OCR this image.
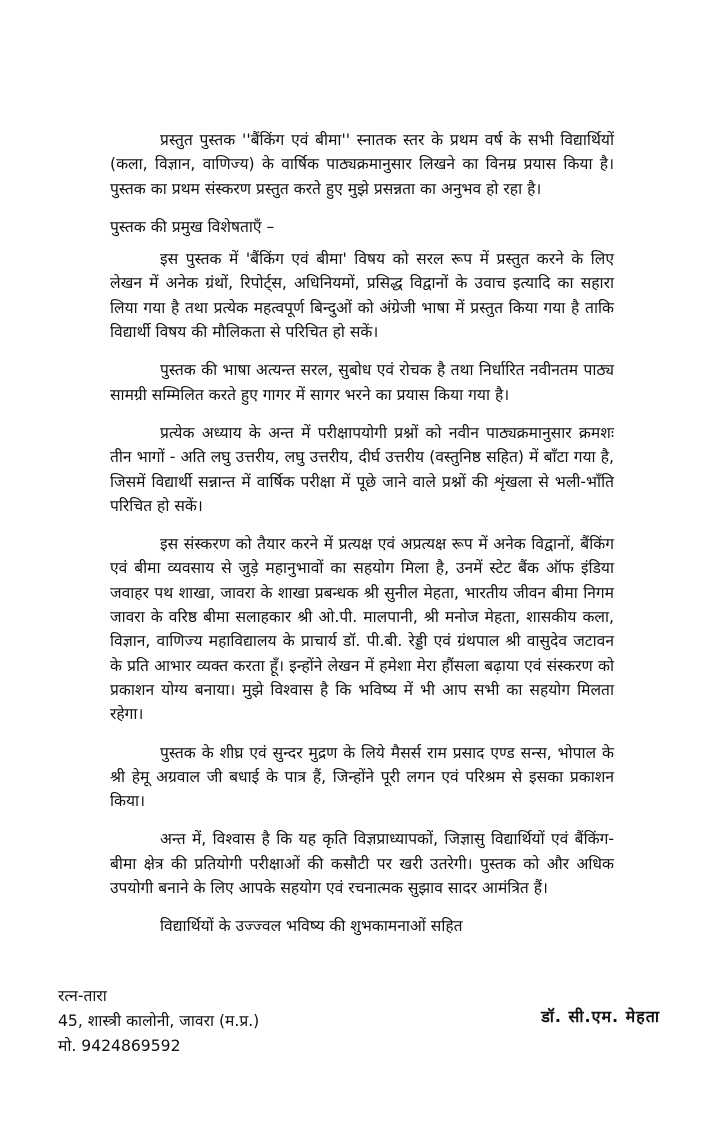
प्रस्तुत पुस्तक ''बैंकिंग एवं बीमा'' स्नातक स्तर के प्रथम वर्ष के सभी विद्यार्थियों (कला, विज्ञान, वाणिज्य) के वार्षिक पाठ्यक्रमानुसार लिखने का विनम्र प्रयास किया है। पुस्तक का प्रथम संस्करण प्रस्तुत करते हुए मुझे प्रसन्नता का अनुभव हो रहा है।

पुस्तक की प्रमुख विशेषताएँ –

इस पुस्तक में 'बैंकिंग एवं बीमा' विषय को सरल रूप में प्रस्तुत करने के लिए लेखन में अनेक ग्रंथों, रिपोर्ट्स, अधिनियमों, प्रसिद्ध विद्वानों के उवाच इत्यादि का सहारा लिया गया है तथा प्रत्येक महत्वपूर्ण बिन्दुओं को अंग्रेजी भाषा में प्रस्तुत किया गया है ताकि विद्यार्थी विषय की मौलिकता से परिचित हो सकें।

पुस्तक की भाषा अत्यन्त सरल, सुबोध एवं रोचक है तथा निर्धारित नवीनतम पाठ्य सामग्री सम्मिलित करते हुए गागर में सागर भरने का प्रयास किया गया है।

प्रत्येक अध्याय के अन्त में परीक्षापयोगी प्रश्नों को नवीन पाठ्यक्रमानुसार क्रमशः तीन भागों - अति लघु उत्तरीय, लघु उत्तरीय, दीर्घ उत्तरीय (वस्तुनिष्ठ सहित) में बाँटा गया है, जिसमें विद्यार्थी सन्नान्त में वार्षिक परीक्षा में पूछे जाने वाले प्रश्नों की शृंखला से भली-भाँति परिचित हो सकें।

इस संस्करण को तैयार करने में प्रत्यक्ष एवं अप्रत्यक्ष रूप में अनेक विद्वानों, बैंकिंग एवं बीमा व्यवसाय से जुड़े महानुभावों का सहयोग मिला है, उनमें स्टेट बैंक ऑफ इंडिया जवाहर पथ शाखा, जावरा के शाखा प्रबन्धक श्री सुनील मेहता, भारतीय जीवन बीमा निगम जावरा के वरिष्ठ बीमा सलाहकार श्री ओ.पी. मालपानी, श्री मनोज मेहता, शासकीय कला, विज्ञान, वाणिज्य महाविद्यालय के प्राचार्य डॉ. पी.बी. रेड्डी एवं ग्रंथपाल श्री वासुदेव जटावन के प्रति आभार व्यक्त करता हूँ। इन्होंने लेखन में हमेशा मेरा हौंसला बढ़ाया एवं संस्करण को प्रकाशन योग्य बनाया। मुझे विश्वास है कि भविष्य में भी आप सभी का सहयोग मिलता रहेगा।

पुस्तक के शीघ्र एवं सुन्दर मुद्रण के लिये मैसर्स राम प्रसाद एण्ड सन्स, भोपाल के श्री हेमू अग्रवाल जी बधाई के पात्र हैं, जिन्होंने पूरी लगन एवं परिश्रम से इसका प्रकाशन किया।

अन्त में, विश्वास है कि यह कृति विज्ञप्राध्यापकों, जिज्ञासु विद्यार्थियों एवं बैंकिंग-बीमा क्षेत्र की प्रतियोगी परीक्षाओं की कसौटी पर खरी उतरेगी। पुस्तक को और अधिक उपयोगी बनाने के लिए आपके सहयोग एवं रचनात्मक सुझाव सादर आमंत्रित हैं।

विद्यार्थियों के उज्ज्वल भविष्य की शुभकामनाओं सहित

रत्न-तारा
45, शास्त्री कालोनी, जावरा (म.प्र.)
मो. 9424869592
डॉ. सी.एम. मेहता
